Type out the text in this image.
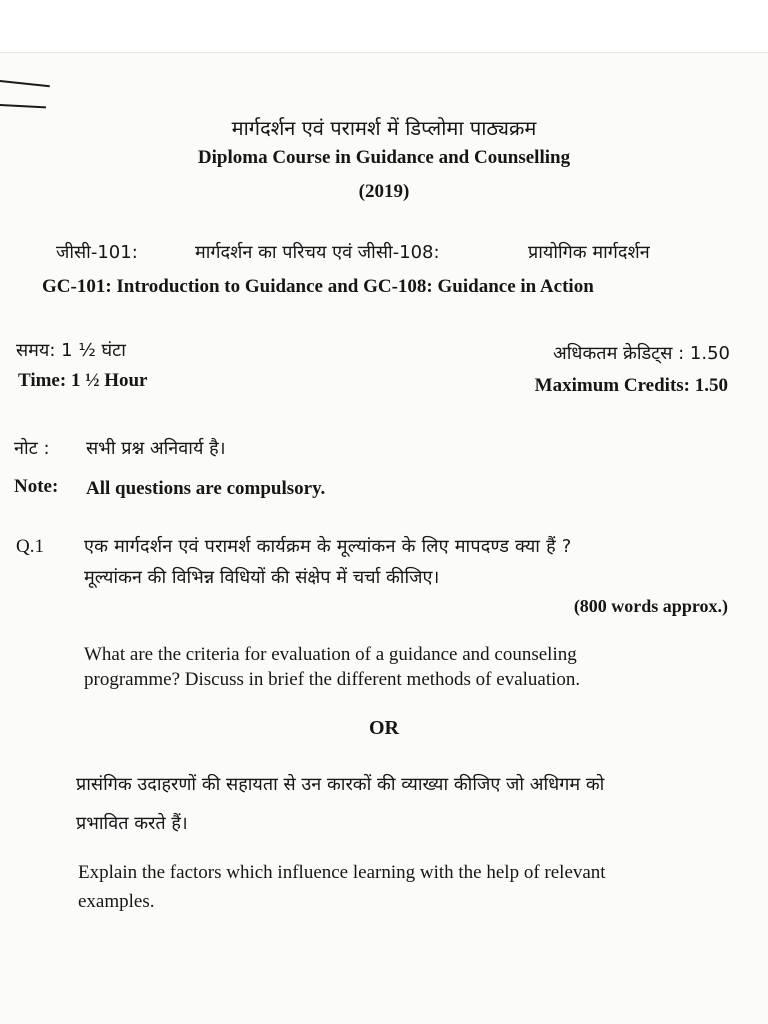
मार्गदर्शन एवं परामर्श में डिप्लोमा पाठ्यक्रम
Diploma Course in Guidance and Counselling
(2019)
जीसी-101:	मार्गदर्शन का परिचय एवं जीसी-108:	प्रायोगिक मार्गदर्शन
GC-101: Introduction to Guidance and GC-108: Guidance in Action
समय: 1 ½ घंटा
Time: 1 ½ Hour
अधिकतम क्रेडिट्स : 1.50
Maximum Credits: 1.50
नोट : सभी प्रश्न अनिवार्य है।
Note: All questions are compulsory.
Q.1 एक मार्गदर्शन एवं परामर्श कार्यक्रम के मूल्यांकन के लिए मापदण्ड क्या हैं ?
मूल्यांकन की विभिन्न विधियों की संक्षेप में चर्चा कीजिए।
(800 words approx.)
What are the criteria for evaluation of a guidance and counseling
programme? Discuss in brief the different methods of evaluation.
OR
प्रासंगिक उदाहरणों की सहायता से उन कारकों की व्याख्या कीजिए जो अधिगम को
प्रभावित करते हैं।
Explain the factors which influence learning with the help of relevant
examples.
